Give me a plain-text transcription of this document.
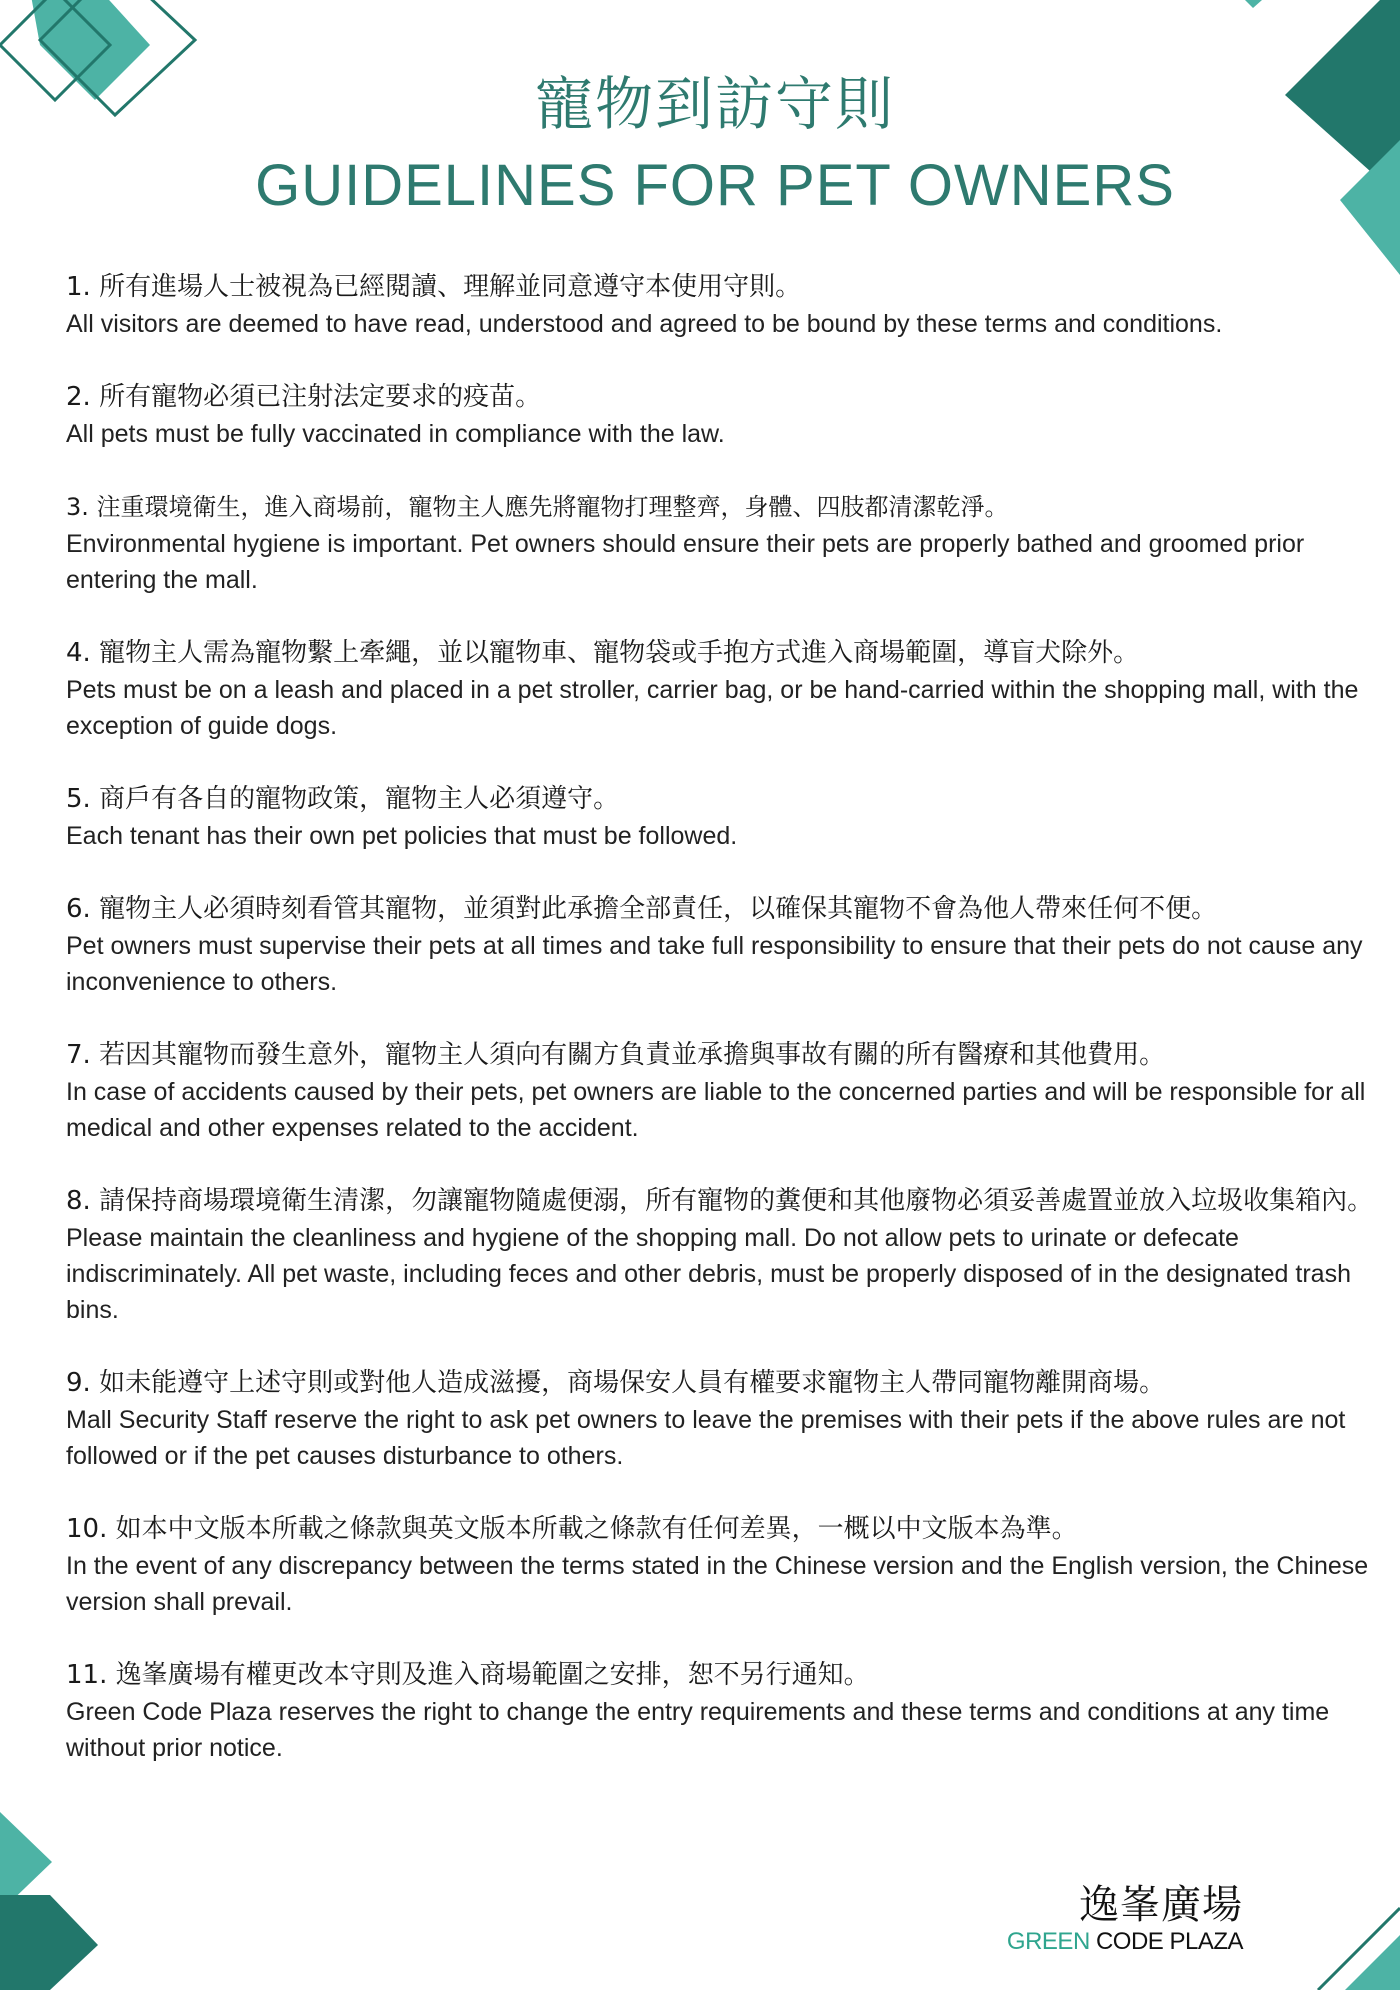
寵物到訪守則
GUIDELINES FOR PET OWNERS

1. 所有進場人士被視為已經閱讀、理解並同意遵守本使用守則。

All visitors are deemed to have read, understood and agreed to be bound by these terms and conditions.

2. 所有寵物必須已注射法定要求的疫苗。

All pets must be fully vaccinated in compliance with the law.

3. 注重環境衛生，進入商場前，寵物主人應先將寵物打理整齊，身體、四肢都清潔乾淨。

Environmental hygiene is important. Pet owners should ensure their pets are properly bathed and groomed prior entering the mall.

4. 寵物主人需為寵物繫上牽繩，並以寵物車、寵物袋或手抱方式進入商場範圍，導盲犬除外。

Pets must be on a leash and placed in a pet stroller, carrier bag, or be hand-carried within the shopping mall, with the exception of guide dogs.

5. 商戶有各自的寵物政策，寵物主人必須遵守。

Each tenant has their own pet policies that must be followed.

6. 寵物主人必須時刻看管其寵物，並須對此承擔全部責任，以確保其寵物不會為他人帶來任何不便。

Pet owners must supervise their pets at all times and take full responsibility to ensure that their pets do not cause any inconvenience to others.

7. 若因其寵物而發生意外，寵物主人須向有關方負責並承擔與事故有關的所有醫療和其他費用。

In case of accidents caused by their pets, pet owners are liable to the concerned parties and will be responsible for all medical and other expenses related to the accident.

8. 請保持商場環境衛生清潔，勿讓寵物隨處便溺，所有寵物的糞便和其他廢物必須妥善處置並放入垃圾收集箱內。

Please maintain the cleanliness and hygiene of the shopping mall. Do not allow pets to urinate or defecate indiscriminately. All pet waste, including feces and other debris, must be properly disposed of in the designated trash bins.

9. 如未能遵守上述守則或對他人造成滋擾，商場保安人員有權要求寵物主人帶同寵物離開商場。

Mall Security Staff reserve the right to ask pet owners to leave the premises with their pets if the above rules are not followed or if the pet causes disturbance to others.

10. 如本中文版本所載之條款與英文版本所載之條款有任何差異，一概以中文版本為準。

In the event of any discrepancy between the terms stated in the Chinese version and the English version, the Chinese version shall prevail.

11. 逸峯廣場有權更改本守則及進入商場範圍之安排，恕不另行通知。

Green Code Plaza reserves the right to change the entry requirements and these terms and conditions at any time without prior notice.

逸峯廣場
GREEN CODE PLAZA
